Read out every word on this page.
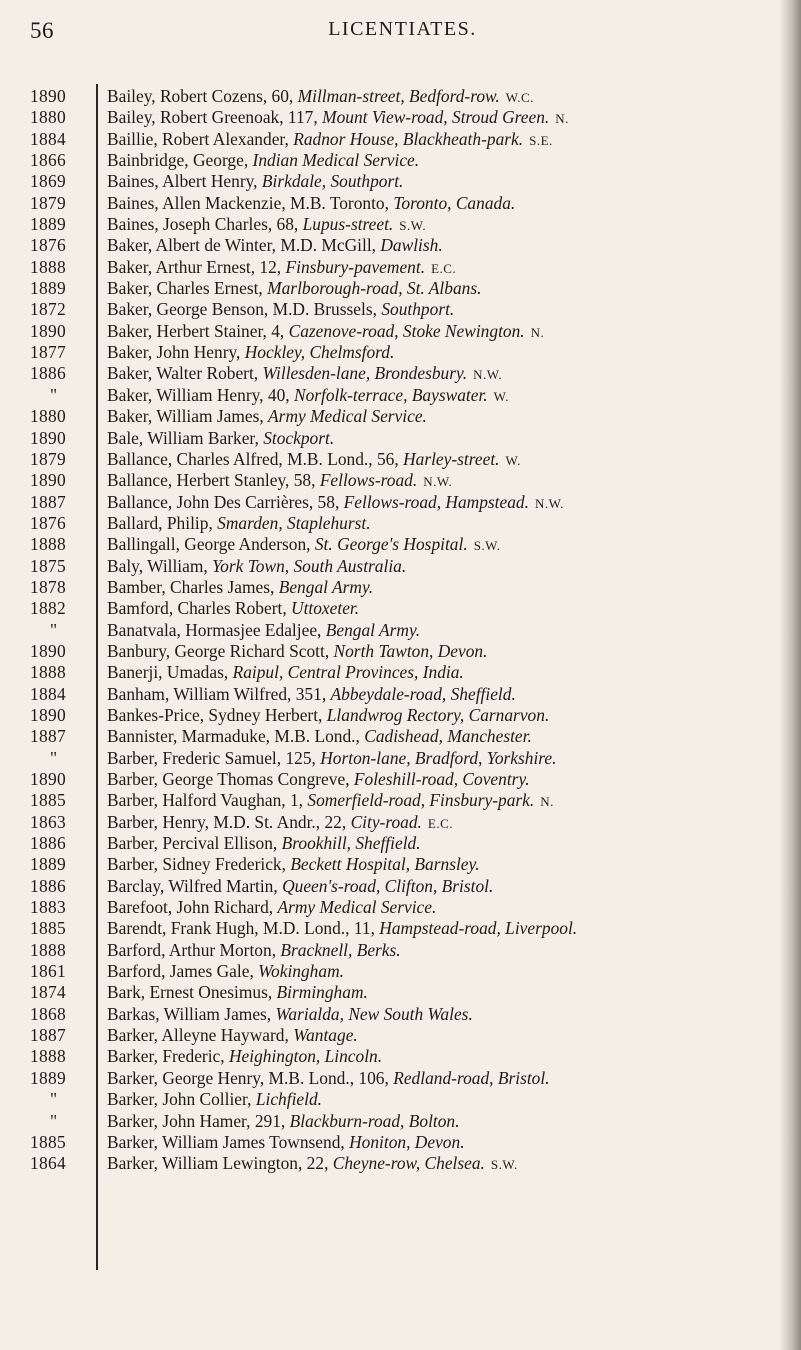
56	LICENTIATES.
1890
1880
1884
1866
1869
1879
1889
1876
1888
1889
1872
1890
1877
1886
"
1880
1890
1879
1890
1887
1876
1888
1875
1878
1882
"
1890
1888
1884
1890
1887
"
1890
1885
1863
1886
1889
1886
1883
1885
1888
1861
1874
1868
1887
1888
1889
"
"
1885
1864
Bailey, Robert Cozens, 60, Millman-street, Bedford-row. W.C.
Bailey, Robert Greenoak, 117, Mount View-road, Stroud Green. N.
Baillie, Robert Alexander, Radnor House, Blackheath-park. S.E.
Bainbridge, George, Indian Medical Service.
Baines, Albert Henry, Birkdale, Southport.
Baines, Allen Mackenzie, M.B. Toronto, Toronto, Canada.
Baines, Joseph Charles, 68, Lupus-street. S.W.
Baker, Albert de Winter, M.D. McGill, Dawlish.
Baker, Arthur Ernest, 12, Finsbury-pavement. E.C.
Baker, Charles Ernest, Marlborough-road, St. Albans.
Baker, George Benson, M.D. Brussels, Southport.
Baker, Herbert Stainer, 4, Cazenove-road, Stoke Newington. N.
Baker, John Henry, Hockley, Chelmsford.
Baker, Walter Robert, Willesden-lane, Brondesbury. N.W.
Baker, William Henry, 40, Norfolk-terrace, Bayswater. W.
Baker, William James, Army Medical Service.
Bale, William Barker, Stockport.
Ballance, Charles Alfred, M.B. Lond., 56, Harley-street. W.
Ballance, Herbert Stanley, 58, Fellows-road. N.W.
Ballance, John Des Carrières, 58, Fellows-road, Hampstead. N.W.
Ballard, Philip, Smarden, Staplehurst.
Ballingall, George Anderson, St. George's Hospital. S.W.
Baly, William, York Town, South Australia.
Bamber, Charles James, Bengal Army.
Bamford, Charles Robert, Uttoxeter.
Banatvala, Hormasjee Edaljee, Bengal Army.
Banbury, George Richard Scott, North Tawton, Devon.
Banerji, Umadas, Raipul, Central Provinces, India.
Banham, William Wilfred, 351, Abbeydale-road, Sheffield.
Bankes-Price, Sydney Herbert, Llandwrog Rectory, Carnarvon.
Bannister, Marmaduke, M.B. Lond., Cadishead, Manchester.
Barber, Frederic Samuel, 125, Horton-lane, Bradford, Yorkshire.
Barber, George Thomas Congreve, Foleshill-road, Coventry.
Barber, Halford Vaughan, 1, Somerfield-road, Finsbury-park. N.
Barber, Henry, M.D. St. Andr., 22, City-road. E.C.
Barber, Percival Ellison, Brookhill, Sheffield.
Barber, Sidney Frederick, Beckett Hospital, Barnsley.
Barclay, Wilfred Martin, Queen's-road, Clifton, Bristol.
Barefoot, John Richard, Army Medical Service.
Barendt, Frank Hugh, M.D. Lond., 11, Hampstead-road, Liverpool.
Barford, Arthur Morton, Bracknell, Berks.
Barford, James Gale, Wokingham.
Bark, Ernest Onesimus, Birmingham.
Barkas, William James, Warialda, New South Wales.
Barker, Alleyne Hayward, Wantage.
Barker, Frederic, Heighington, Lincoln.
Barker, George Henry, M.B. Lond., 106, Redland-road, Bristol.
Barker, John Collier, Lichfield.
Barker, John Hamer, 291, Blackburn-road, Bolton.
Barker, William James Townsend, Honiton, Devon.
Barker, William Lewington, 22, Cheyne-row, Chelsea. S.W.
